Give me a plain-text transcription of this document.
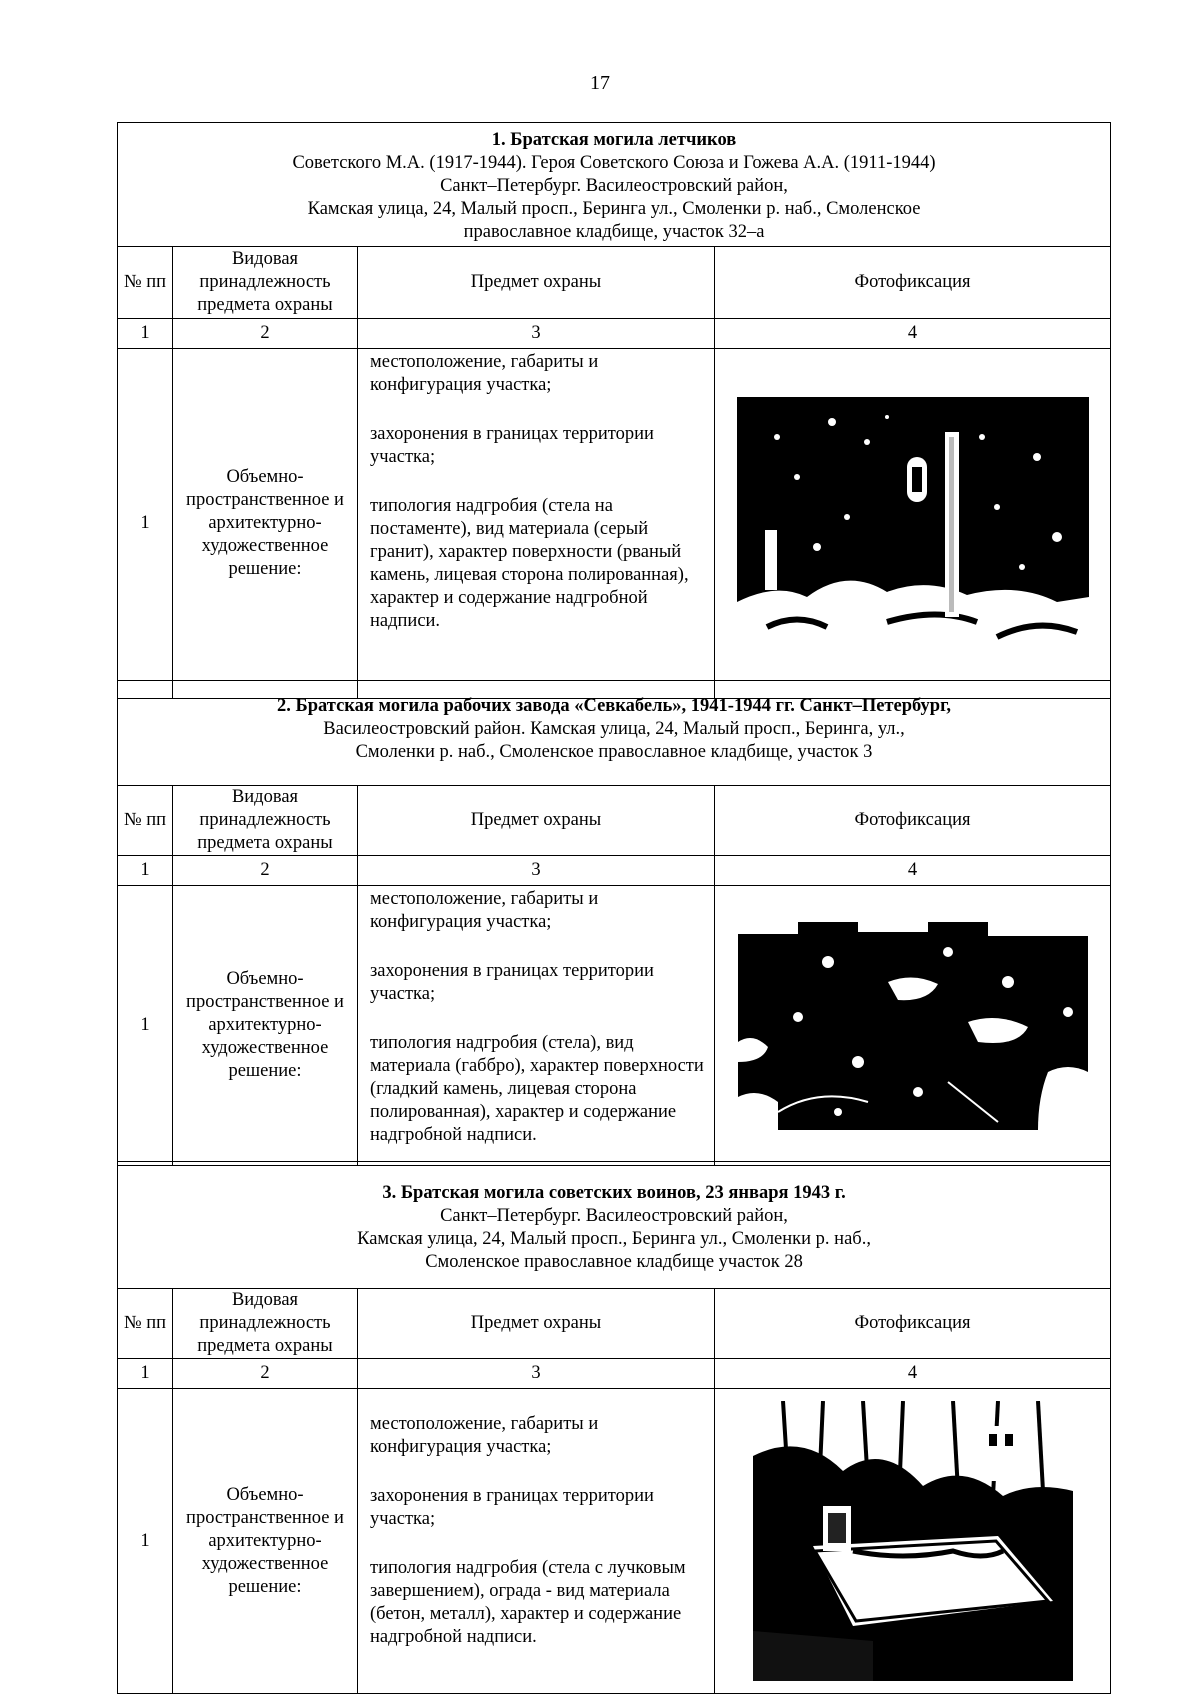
17
1. Братская могила летчиков
Советского М.А. (1917-1944). Героя Советского Союза и Гожева А.А. (1911-1944)
Санкт–Петербург. Василеостровский район,
Камская улица, 24, Малый просп., Беринга ул., Смоленки р. наб., Смоленское
православное кладбище, участок 32–а			

№ пп	Видовая принадлежность предмета охраны	Предмет охраны	Фотофиксация
1	2	3	4
1	Объемно-пространственное и архитектурно-художественное решение:	местоположение, габариты и конфигурация участка;

захоронения в границах территории участка;

типология надгробия (стела на постаменте), вид материала (серый гранит), характер поверхности (рваный камень, лицевая сторона полированная), характер и содержание надгробной надписи.

2. Братская могила рабочих завода «Севкабель», 1941-1944 гг. Санкт–Петербург,
Василеостровский район. Камская улица, 24, Малый просп., Беринга, ул.,
Смоленки р. наб., Смоленское православное кладбище, участок 3			

№ пп	Видовая принадлежность предмета охраны	Предмет охраны	Фотофиксация
1	2	3	4
1	Объемно-пространственное и архитектурно-художественное решение:	местоположение, габариты и конфигурация участка;

захоронения в границах территории участка;

типология надгробия (стела), вид материала (габбро), характер поверхности (гладкий камень, лицевая сторона полированная), характер и содержание надгробной надписи.

3. Братская могила советских воинов, 23 января 1943 г.
Санкт–Петербург. Василеостровский район,
Камская улица, 24, Малый просп., Беринга ул., Смоленки р. наб.,
Смоленское православное кладбище участок 28			

№ пп	Видовая принадлежность предмета охраны	Предмет охраны	Фотофиксация
1	2	3	4
1	Объемно-пространственное и архитектурно-художественное решение:	местоположение, габариты и конфигурация участка;

захоронения в границах территории участка;

типология надгробия (стела с лучковым завершением), ограда - вид материала (бетон, металл), характер и содержание надгробной надписи.
